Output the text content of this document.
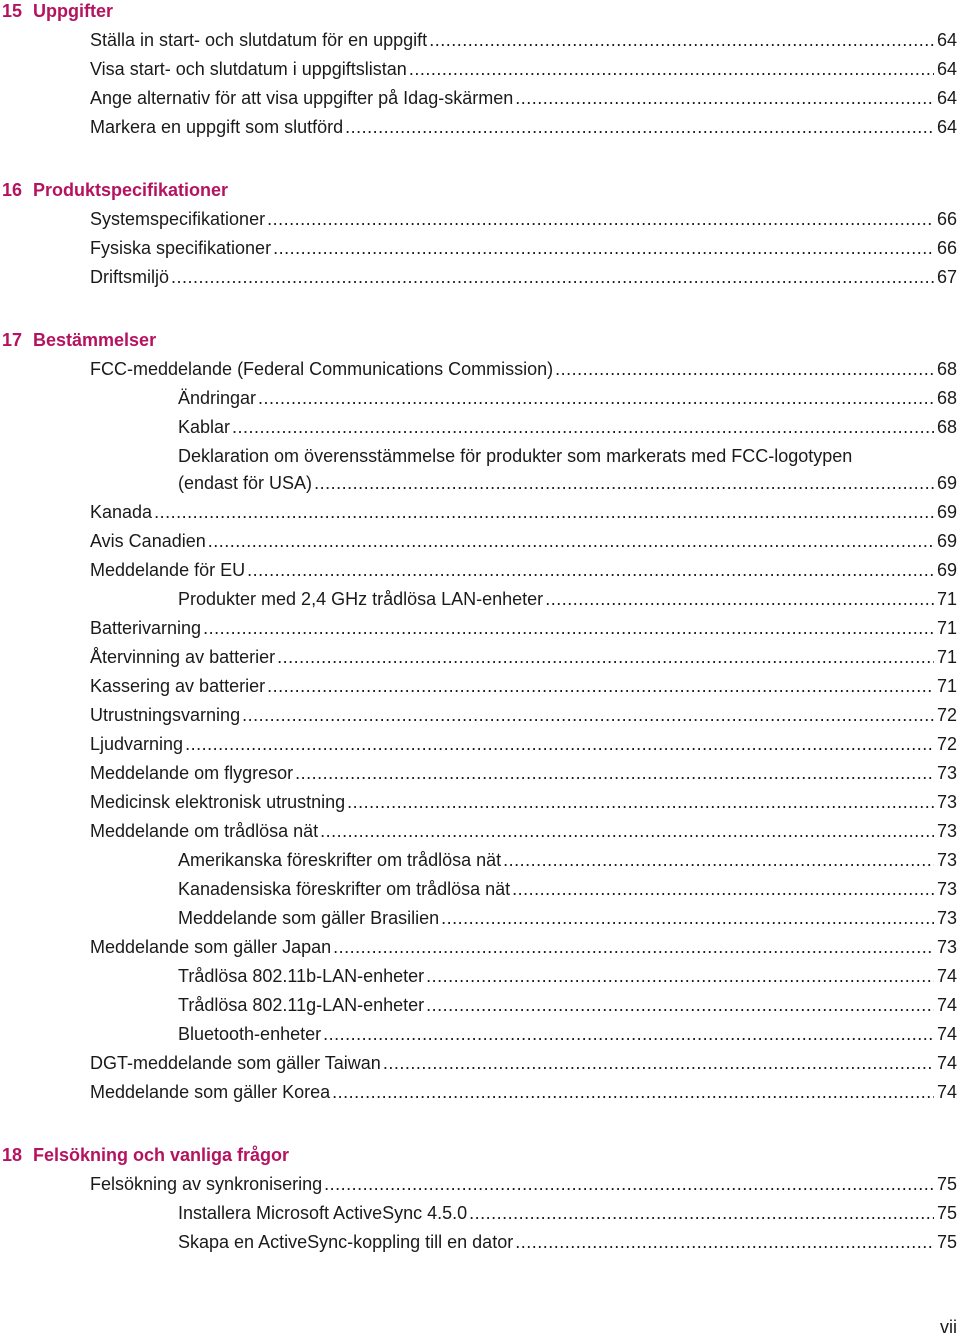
15 Uppgifter
Ställa in start- och slutdatum för en uppgift .....	64
Visa start- och slutdatum i uppgiftslistan .....	64
Ange alternativ för att visa uppgifter på Idag-skärmen .....	64
Markera en uppgift som slutförd .....	64
16 Produktspecifikationer
Systemspecifikationer .....	66
Fysiska specifikationer .....	66
Driftsmiljö .....	67
17 Bestämmelser
FCC-meddelande (Federal Communications Commission) .....	68
Ändringar .....	68
Kablar .....	68
Deklaration om överensstämmelse för produkter som markerats med FCC-logotypen
(endast för USA) .....	69
Kanada .....	69
Avis Canadien .....	69
Meddelande för EU .....	69
Produkter med 2,4 GHz trådlösa LAN-enheter .....	71
Batterivarning .....	71
Återvinning av batterier .....	71
Kassering av batterier .....	71
Utrustningsvarning .....	72
Ljudvarning .....	72
Meddelande om flygresor .....	73
Medicinsk elektronisk utrustning .....	73
Meddelande om trådlösa nät .....	73
Amerikanska föreskrifter om trådlösa nät .....	73
Kanadensiska föreskrifter om trådlösa nät .....	73
Meddelande som gäller Brasilien .....	73
Meddelande som gäller Japan .....	73
Trådlösa 802.11b-LAN-enheter .....	74
Trådlösa 802.11g-LAN-enheter .....	74
Bluetooth-enheter .....	74
DGT-meddelande som gäller Taiwan .....	74
Meddelande som gäller Korea .....	74
18 Felsökning och vanliga frågor
Felsökning av synkronisering .....	75
Installera Microsoft ActiveSync 4.5.0 .....	75
Skapa en ActiveSync-koppling till en dator .....	75
vii
